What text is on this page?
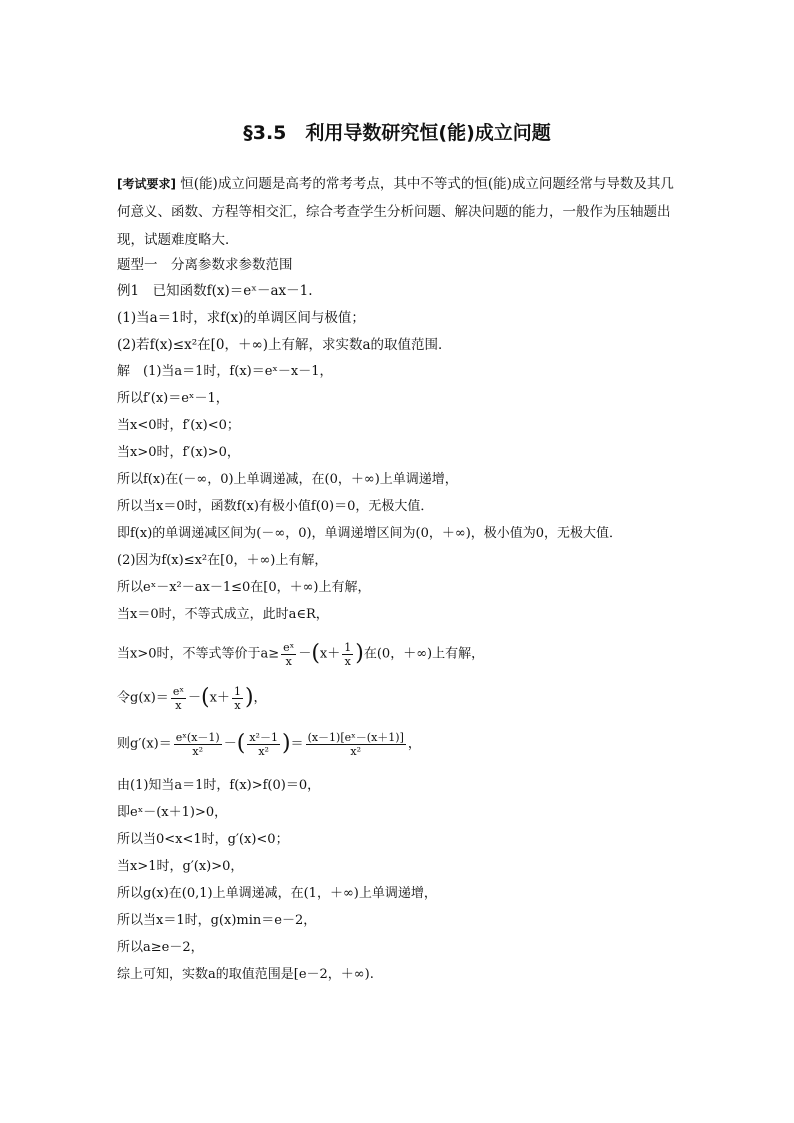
§3.5　利用导数研究恒(能)成立问题
[考试要求] 恒(能)成立问题是高考的常考考点，其中不等式的恒(能)成立问题经常与导数及其几何意义、函数、方程等相交汇，综合考查学生分析问题、解决问题的能力，一般作为压轴题出现，试题难度略大．
题型一　分离参数求参数范围
例1　已知函数f(x)＝eˣ－ax－1.
(1)当a＝1时，求f(x)的单调区间与极值；
(2)若f(x)≤x²在[0，＋∞)上有解，求实数a的取值范围．
解　(1)当a＝1时，f(x)＝eˣ－x－1，
所以f′(x)＝eˣ－1，
当x<0时，f′(x)<0；
当x>0时，f′(x)>0，
所以f(x)在(－∞，0)上单调递减，在(0，＋∞)上单调递增，
所以当x＝0时，函数f(x)有极小值f(0)＝0，无极大值．
即f(x)的单调递减区间为(－∞，0)，单调递增区间为(0，＋∞)，极小值为0，无极大值．
(2)因为f(x)≤x²在[0，＋∞)上有解，
所以eˣ－x²－ax－1≤0在[0，＋∞)上有解，
当x＝0时，不等式成立，此时a∈R，
当x>0时，不等式等价于$a\ge \frac{\text{eˣ}}{x} -(x+ \frac{1}{x}$ )在(0，＋∞)上有解，
令$g(x)= \frac{\text{eˣ}}{x} -(x+ \frac{1}{x}$ )，
则$g'(x)= \frac{\text{eˣ(x－1)}}{\text{x²}}$ －( $\frac{\text{x²－1}}{\text{x²}}$ )＝ $\frac{\text{(x－1)[eˣ－(x＋1)]}}{\text{x²}}$ ，
由(1)知当a＝1时，f(x)>f(0)＝0，
即eˣ－(x＋1)>0，
所以当0<x<1时，g′(x)<0；
当x>1时，g′(x)>0，
所以g(x)在(0,1)上单调递减，在(1，＋∞)上单调递增，
所以当x＝1时，g(x)min＝e－2，
所以a≥e－2，
综上可知，实数a的取值范围是[e－2，＋∞).
